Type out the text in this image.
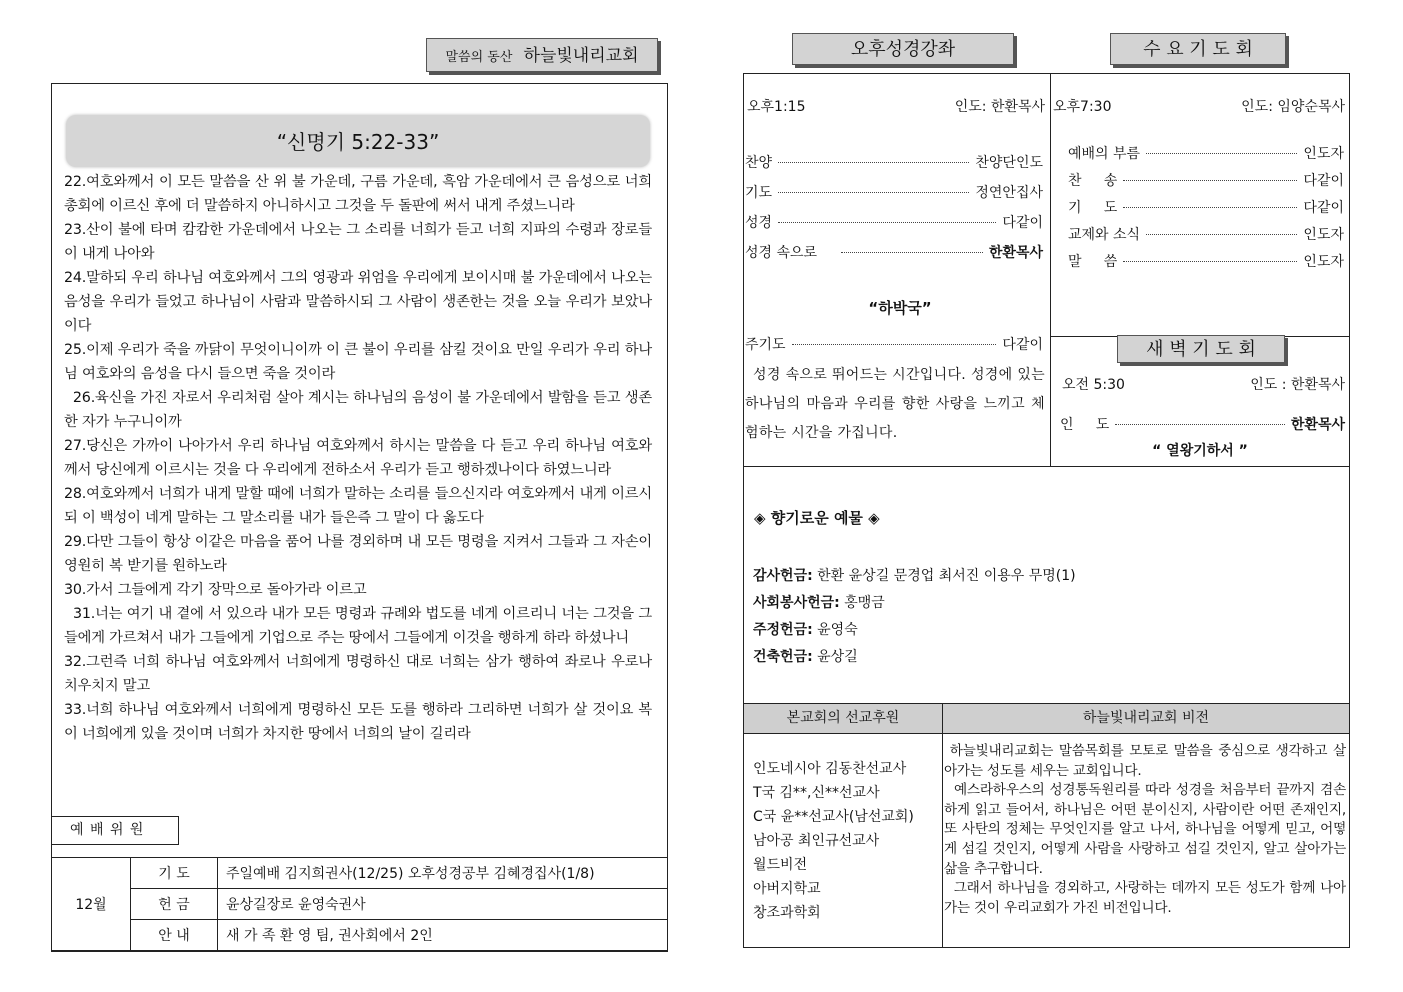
말씀의 동산 하늘빛내리교회
“신명기 5:22-33”

22.여호와께서 이 모든 말씀을 산 위 불 가운데, 구름 가운데, 흑암 가운데에서 큰 음성으로 너희 총회에 이르신 후에 더 말씀하지 아니하시고 그것을 두 돌판에 써서 내게 주셨느니라

23.산이 불에 타며 캄캄한 가운데에서 나오는 그 소리를 너희가 듣고 너희 지파의 수령과 장로들이 내게 나아와

24.말하되 우리 하나님 여호와께서 그의 영광과 위엄을 우리에게 보이시매 불 가운데에서 나오는 음성을 우리가 들었고 하나님이 사람과 말씀하시되 그 사람이 생존한는 것을 오늘 우리가 보았나이다

25.이제 우리가 죽을 까닭이 무엇이니이까 이 큰 불이 우리를 삼킬 것이요 만일 우리가 우리 하나님 여호와의 음성을 다시 들으면 죽을 것이라

26.육신을 가진 자로서 우리처럼 살아 계시는 하나님의 음성이 불 가운데에서 발함을 듣고 생존한 자가 누구니이까

27.당신은 가까이 나아가서 우리 하나님 여호와께서 하시는 말씀을 다 듣고 우리 하나님 여호와께서 당신에게 이르시는 것을 다 우리에게 전하소서 우리가 듣고 행하겠나이다 하였느니라

28.여호와께서 너희가 내게 말할 때에 너희가 말하는 소리를 들으신지라 여호와께서 내게 이르시되 이 백성이 네게 말하는 그 말소리를 내가 들은즉 그 말이 다 옳도다

29.다만 그들이 항상 이같은 마음을 품어 나를 경외하며 내 모든 명령을 지켜서 그들과 그 자손이 영원히 복 받기를 원하노라

30.가서 그들에게 각기 장막으로 돌아가라 이르고

31.너는 여기 내 곁에 서 있으라 내가 모든 명령과 규례와 법도를 네게 이르리니 너는 그것을 그들에게 가르쳐서 내가 그들에게 기업으로 주는 땅에서 그들에게 이것을 행하게 하라 하셨나니

32.그런즉 너희 하나님 여호와께서 너희에게 명령하신 대로 너희는 삼가 행하여 좌로나 우로나 치우치지 말고

33.너희 하나님 여호와께서 너희에게 명령하신 모든 도를 행하라 그리하면 너희가 살 것이요 복이 너희에게 있을 것이며 너희가 차지한 땅에서 너희의 날이 길리라

예 배 위 원
12월	기 도	주일예배 김지희권사(12/25) 오후성경공부 김혜경집사(1/8)
	헌 금	윤상길장로 윤영숙권사
	안 내	새 가 족 환 영 팀, 권사회에서 2인
오후성경강좌	수 요 기 도 회
오후1:15	인도: 한환목사
찬양	찬양단인도
기도	정연안집사
성경	다같이
성경 속으로	한환목사
“하박국”
주기도	다같이
성경 속으로 뛰어드는 시간입니다. 성경에 있는 하나님의 마음과 우리를 향한 사랑을 느끼고 체험하는 시간을 가집니다.
오후7:30	인도: 임양순목사
예배의 부름	인도자
찬     송	다같이
기     도	다같이
교제와 소식	인도자
말     씀	인도자
새 벽 기 도 회
오전 5:30	인도 : 한환목사
인     도	한환목사
“ 열왕기하서 ”
◈ 향기로운 예물 ◈
감사헌금: 한환 윤상길 문경업 최서진 이용우 무명(1)
사회봉사헌금: 홍맹금
주정헌금: 윤영숙
건축헌금: 윤상길
본교회의 선교후원	하늘빛내리교회 비전
인도네시아 김동찬선교사
T국 김**,신**선교사
C국 윤**선교사(남선교회)
남아공 최인규선교사
월드비전
아버지학교
창조과학회
하늘빛내리교회는 말씀목회를 모토로 말씀을 중심으로 생각하고 살아가는 성도를 세우는 교회입니다.
예스라하우스의 성경통독원리를 따라 성경을 처음부터 끝까지 겸손하게 읽고 들어서, 하나님은 어떤 분이신지, 사람이란 어떤 존재인지, 또 사탄의 정체는 무엇인지를 알고 나서, 하나님을 어떻게 믿고, 어떻게 섬길 것인지, 어떻게 사람을 사랑하고 섬길 것인지, 알고 살아가는 삶을 추구합니다.
그래서 하나님을 경외하고, 사랑하는 데까지 모든 성도가 함께 나아가는 것이 우리교회가 가진 비전입니다.
